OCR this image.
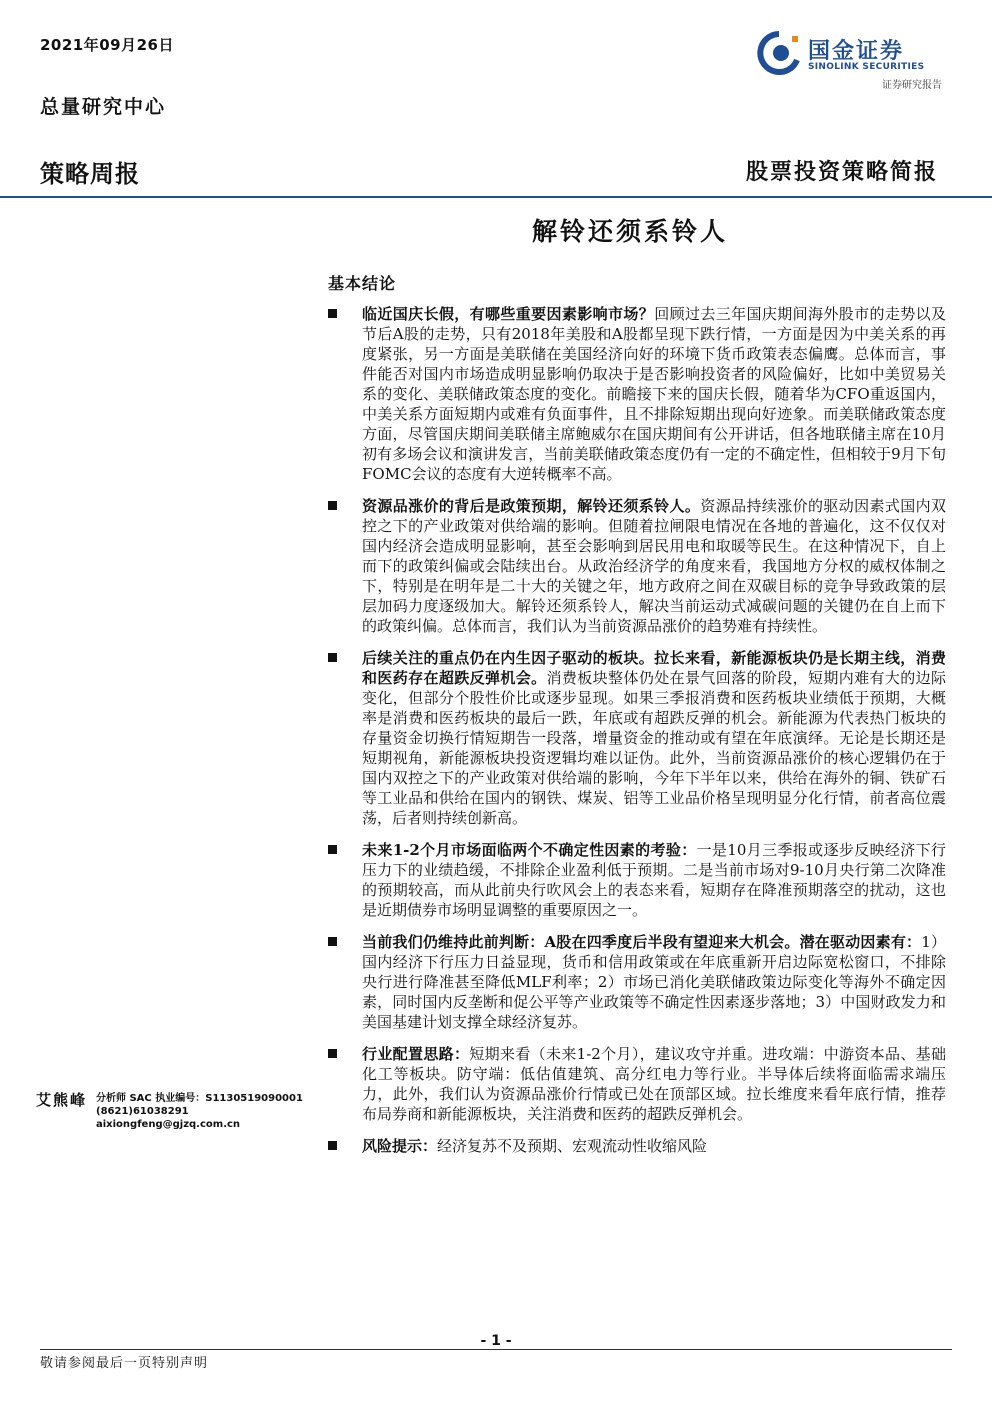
2021年09月26日
总量研究中心
策略周报	股票投资策略简报
国金证券
SINOLINK SECURITIES
证券研究报告
解铃还须系铃人
基本结论
临近国庆长假，有哪些重要因素影响市场？回顾过去三年国庆期间海外股市的走势以及节后A股的走势，只有2018年美股和A股都呈现下跌行情，一方面是因为中美关系的再度紧张，另一方面是美联储在美国经济向好的环境下货币政策表态偏鹰。总体而言，事件能否对国内市场造成明显影响仍取决于是否影响投资者的风险偏好，比如中美贸易关系的变化、美联储政策态度的变化。前瞻接下来的国庆长假，随着华为CFO重返国内，中美关系方面短期内或难有负面事件，且不排除短期出现向好迹象。而美联储政策态度方面，尽管国庆期间美联储主席鲍威尔在国庆期间有公开讲话，但各地联储主席在10月初有多场会议和演讲发言，当前美联储政策态度仍有一定的不确定性，但相较于9月下旬FOMC会议的态度有大逆转概率不高。
资源品涨价的背后是政策预期，解铃还须系铃人。资源品持续涨价的驱动因素式国内双控之下的产业政策对供给端的影响。但随着拉闸限电情况在各地的普遍化，这不仅仅对国内经济会造成明显影响，甚至会影响到居民用电和取暖等民生。在这种情况下，自上而下的政策纠偏或会陆续出台。从政治经济学的角度来看，我国地方分权的威权体制之下，特别是在明年是二十大的关键之年，地方政府之间在双碳目标的竞争导致政策的层层加码力度逐级加大。解铃还须系铃人，解决当前运动式减碳问题的关键仍在自上而下的政策纠偏。总体而言，我们认为当前资源品涨价的趋势难有持续性。
后续关注的重点仍在内生因子驱动的板块。拉长来看，新能源板块仍是长期主线，消费和医药存在超跌反弹机会。消费板块整体仍处在景气回落的阶段，短期内难有大的边际变化，但部分个股性价比或逐步显现。如果三季报消费和医药板块业绩低于预期，大概率是消费和医药板块的最后一跌，年底或有超跌反弹的机会。新能源为代表热门板块的存量资金切换行情短期告一段落，增量资金的推动或有望在年底演绎。无论是长期还是短期视角，新能源板块投资逻辑均难以证伪。此外，当前资源品涨价的核心逻辑仍在于国内双控之下的产业政策对供给端的影响，今年下半年以来，供给在海外的铜、铁矿石等工业品和供给在国内的钢铁、煤炭、铝等工业品价格呈现明显分化行情，前者高位震荡，后者则持续创新高。
未来1-2个月市场面临两个不确定性因素的考验：一是10月三季报或逐步反映经济下行压力下的业绩趋缓，不排除企业盈利低于预期。二是当前市场对9-10月央行第二次降准的预期较高，而从此前央行吹风会上的表态来看，短期存在降准预期落空的扰动，这也是近期债券市场明显调整的重要原因之一。
当前我们仍维持此前判断：A股在四季度后半段有望迎来大机会。潜在驱动因素有：1）国内经济下行压力日益显现，货币和信用政策或在年底重新开启边际宽松窗口，不排除央行进行降准甚至降低MLF利率；2）市场已消化美联储政策边际变化等海外不确定因素，同时国内反垄断和促公平等产业政策等不确定性因素逐步落地；3）中国财政发力和美国基建计划支撑全球经济复苏。
行业配置思路：短期来看（未来1-2个月），建议攻守并重。进攻端：中游资本品、基础化工等板块。防守端：低估值建筑、高分红电力等行业。半导体后续将面临需求端压力，此外，我们认为资源品涨价行情或已处在顶部区域。拉长维度来看年底行情，推荐布局券商和新能源板块，关注消费和医药的超跌反弹机会。
风险提示：经济复苏不及预期、宏观流动性收缩风险
艾熊峰 分析师 SAC 执业编号：S1130519090001
(8621)61038291
aixiongfeng@gjzq.com.cn
- 1 -
敬请参阅最后一页特别声明
